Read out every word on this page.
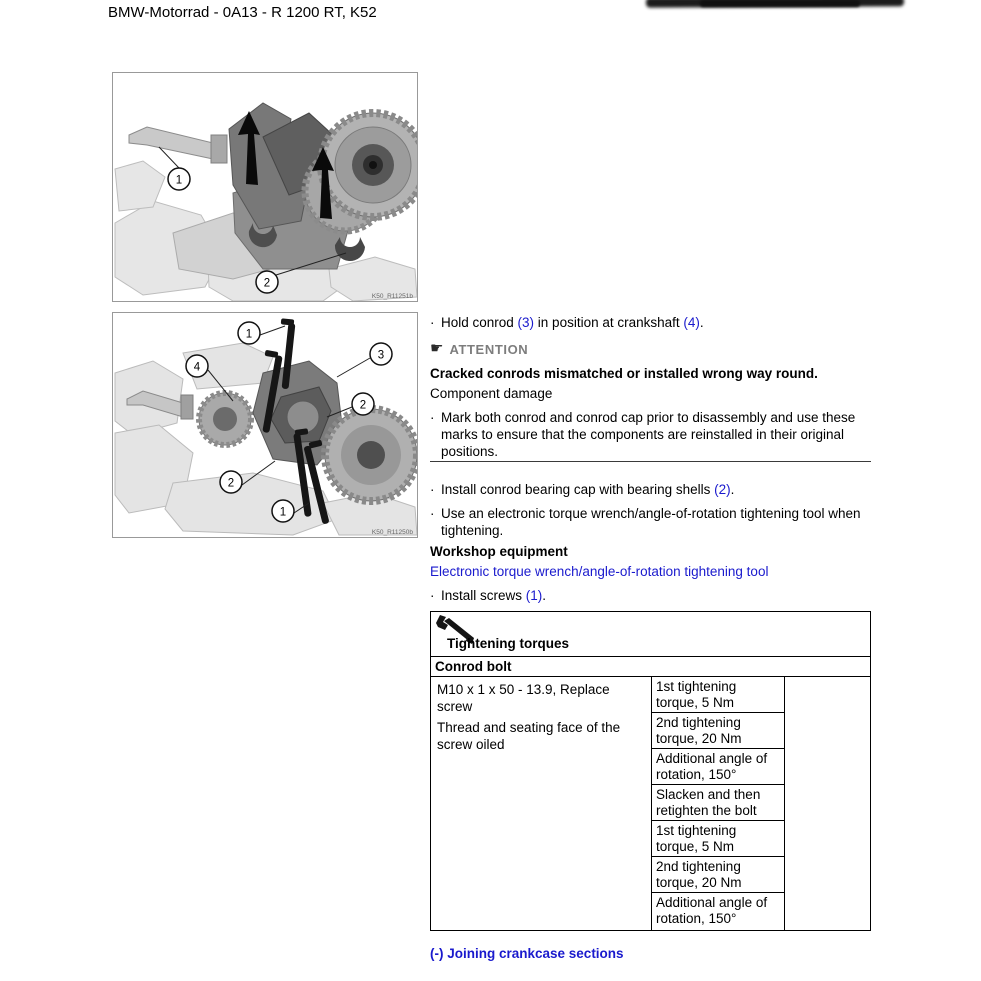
BMW-Motorrad - 0A13 - R 1200 RT, K52
1
2
K50_R11251b
1
3
4
2
2
1
K50_R11250b
· Hold conrod (3) in position at crankshaft (4).
☛ ATTENTION
Cracked conrods mismatched or installed wrong way round.
Component damage
· Mark both conrod and conrod cap prior to disassembly and use these marks to ensure that the components are reinstalled in their original positions.
· Install conrod bearing cap with bearing shells (2).
· Use an electronic torque wrench/angle-of-rotation tightening tool when tightening.
Workshop equipment
Electronic torque wrench/angle-of-rotation tightening tool
· Install screws (1).
Tightening torques
Conrod bolt
M10 x 1 x 50 - 13.9, Replace screw
Thread and seating face of the screw oiled
1st tightening torque, 5 Nm
2nd tightening torque, 20 Nm
Additional angle of rotation, 150°
Slacken and then retighten the bolt
1st tightening torque, 5 Nm
2nd tightening torque, 20 Nm
Additional angle of rotation, 150°
(-) Joining crankcase sections
